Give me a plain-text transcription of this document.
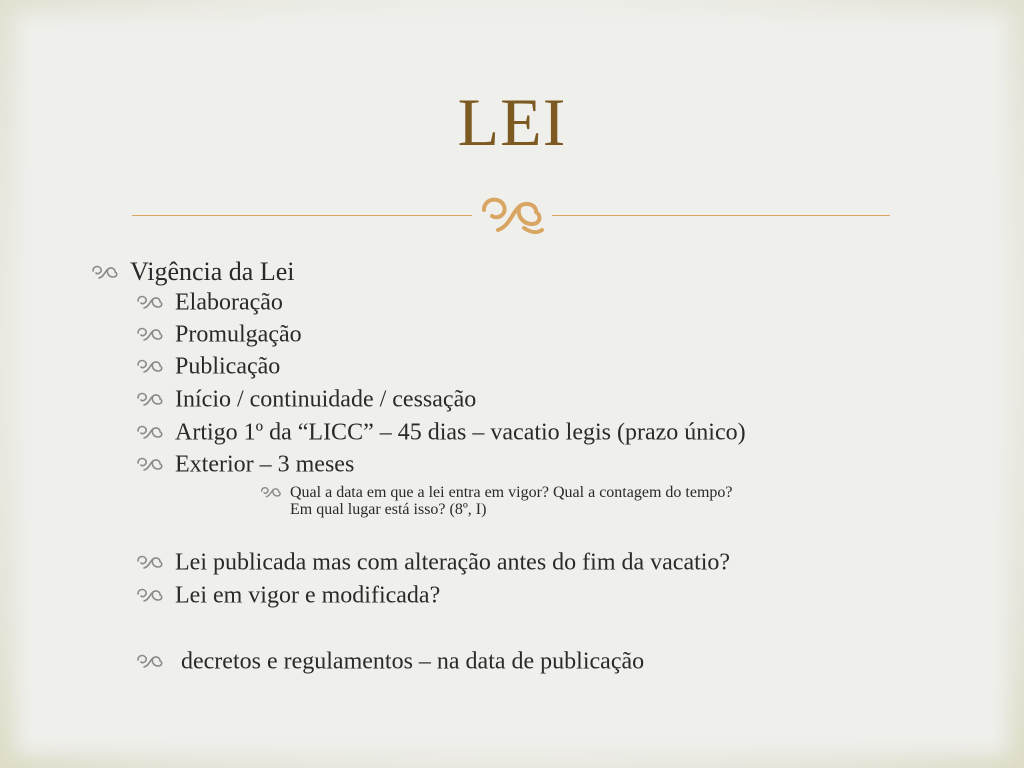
LEI
Vigência da Lei
Elaboração
Promulgação
Publicação
Início / continuidade / cessação
Artigo 1º da “LICC” – 45 dias – vacatio legis (prazo único)
Exterior – 3 meses
Qual a data em que a lei entra em vigor? Qual a contagem do tempo?
Em qual lugar está isso? (8º, I)
Lei publicada mas com alteração antes do fim da vacatio?
Lei em vigor e modificada?
decretos e regulamentos – na data de publicação
